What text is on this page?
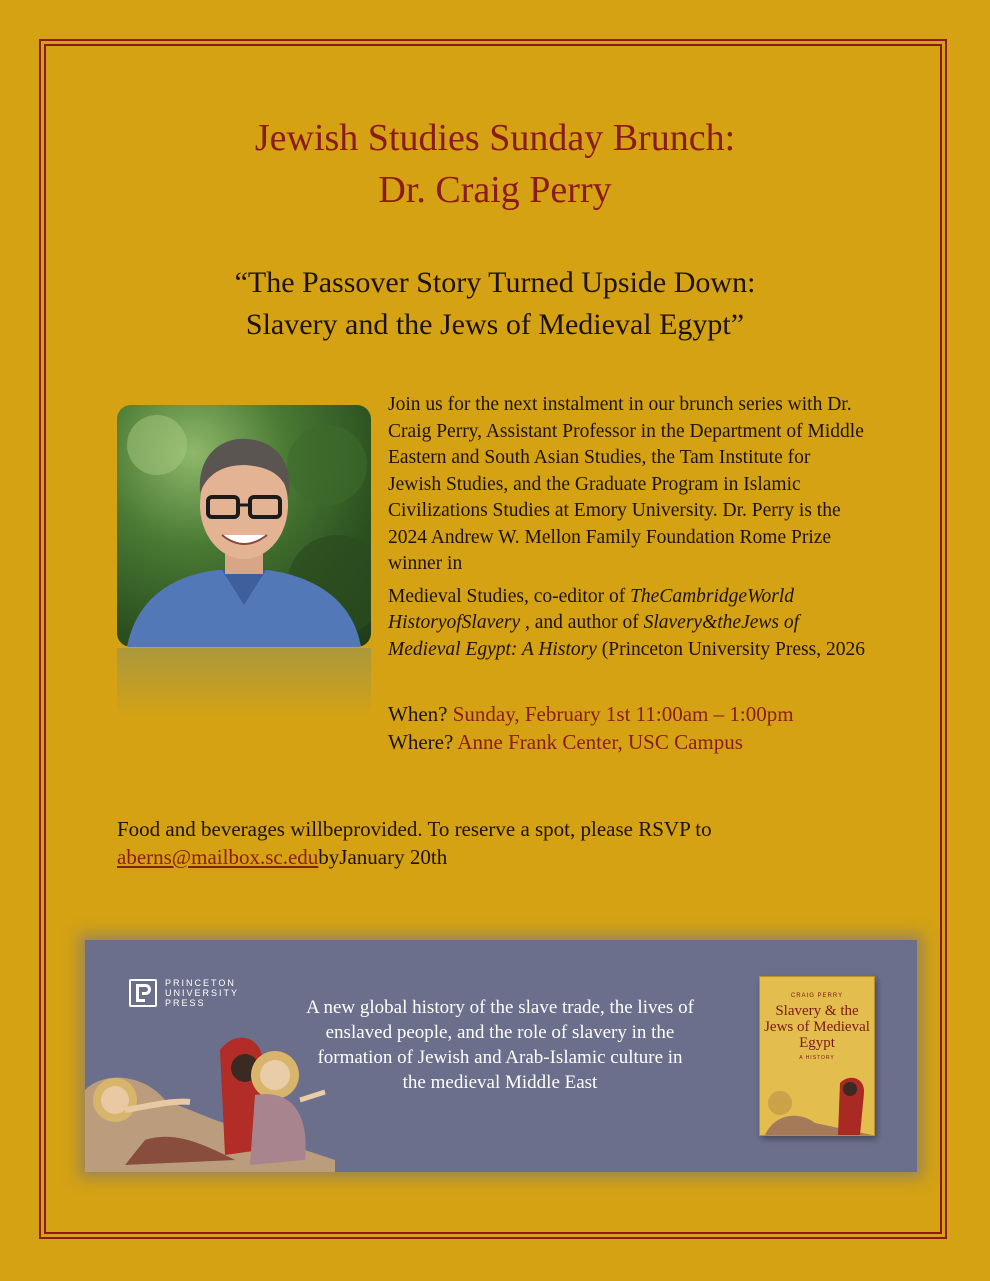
Jewish Studies Sunday Brunch:
Dr. Craig Perry
“The Passover Story Turned Upside Down:
Slavery and the Jews of Medieval Egypt”

Join us for the next instalment in our brunch series with Dr. Craig Perry, Assistant Professor in the Department of Middle Eastern and South Asian Studies, the Tam Institute for Jewish Studies, and the Graduate Program in Islamic Civilizations Studies at Emory University. Dr. Perry is the 2024 Andrew W. Mellon Family Foundation Rome Prize winner in

Medieval Studies, co-editor of TheCambridgeWorld HistoryofSlavery , and author of Slavery&theJews of Medieval Egypt: A History (Princeton University Press, 2026

When? Sunday, February 1st 11:00am – 1:00pm
Where? Anne Frank Center, USC Campus
Food and beverages willbeprovided. To reserve a spot, please RSVP to
aberns@mailbox.sc.edubyJanuary 20th
PRINCETON
UNIVERSITY
PRESS	A new global history of the slave trade, the lives of enslaved people, and the role of slavery in the formation of Jewish and Arab-Islamic culture in the medieval Middle East
CRAIG PERRY
Slavery & the Jews of Medieval Egypt
A HISTORY
